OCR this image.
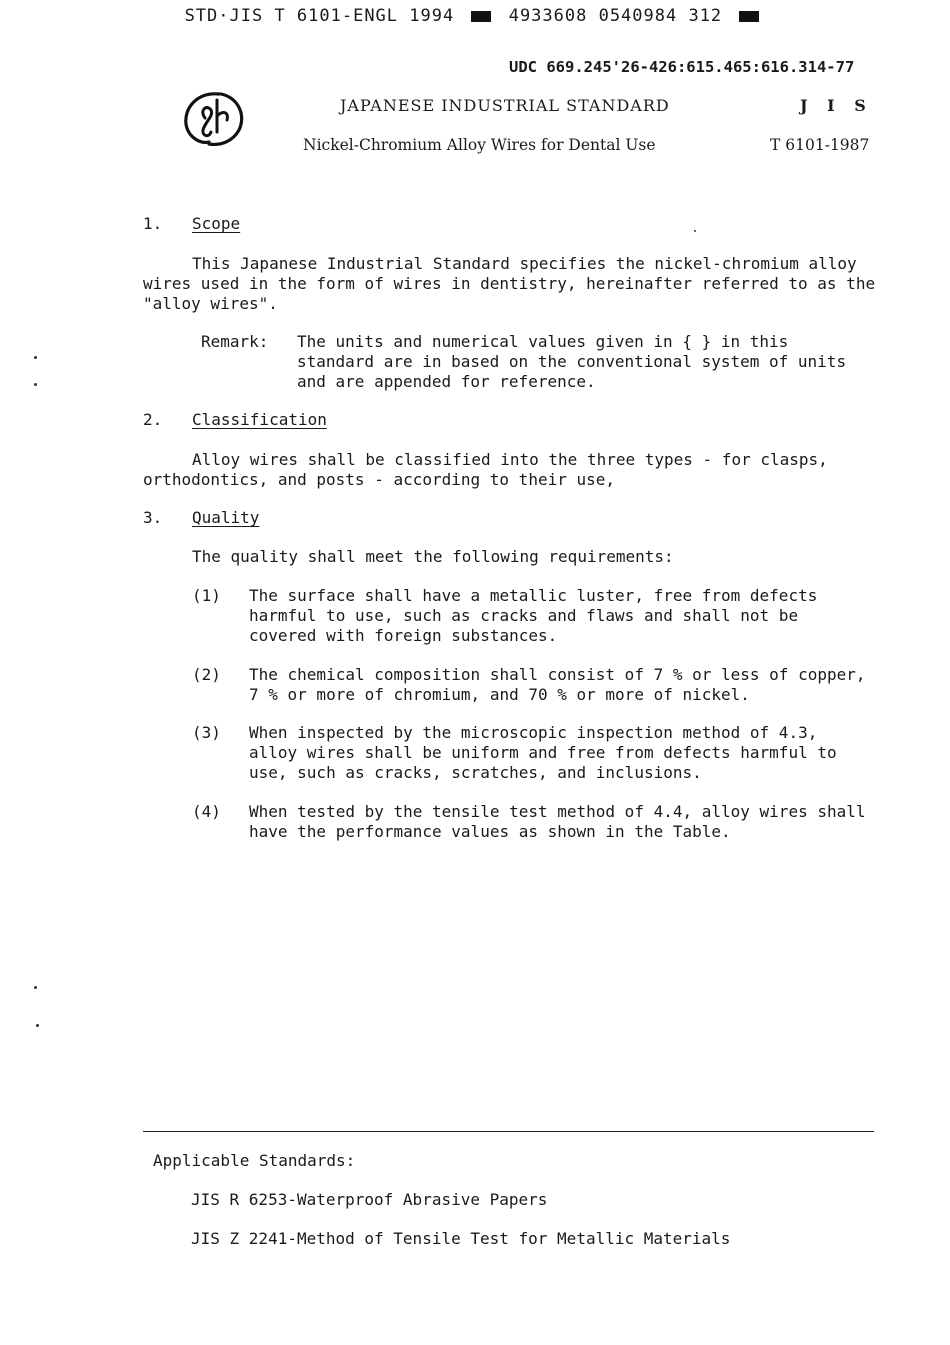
STD·JIS T 6101-ENGL 1994	4933608 0540984 312
UDC 669.245'26-426:615.465:616.314-77
JAPANESE INDUSTRIAL STANDARD	J I S
Nickel-Chromium Alloy Wires for Dental Use	T 6101-1987
1. Scope
This Japanese Industrial Standard specifies the nickel-chromium alloy
wires used in the form of wires in dentistry, hereinafter referred to as the
"alloy wires".
Remark: The units and numerical values given in { } in this
standard are in based on the conventional system of units
and are appended for reference.
2. Classification
Alloy wires shall be classified into the three types - for clasps,
orthodontics, and posts - according to their use,
3. Quality
The quality shall meet the following requirements:
(1) The surface shall have a metallic luster, free from defects
harmful to use, such as cracks and flaws and shall not be
covered with foreign substances.
(2) The chemical composition shall consist of 7 % or less of copper,
7 % or more of chromium, and 70 % or more of nickel.
(3) When inspected by the microscopic inspection method of 4.3,
alloy wires shall be uniform and free from defects harmful to
use, such as cracks, scratches, and inclusions.
(4) When tested by the tensile test method of 4.4, alloy wires shall
have the performance values as shown in the Table.
Applicable Standards:
JIS R 6253-Waterproof Abrasive Papers
JIS Z 2241-Method of Tensile Test for Metallic Materials
